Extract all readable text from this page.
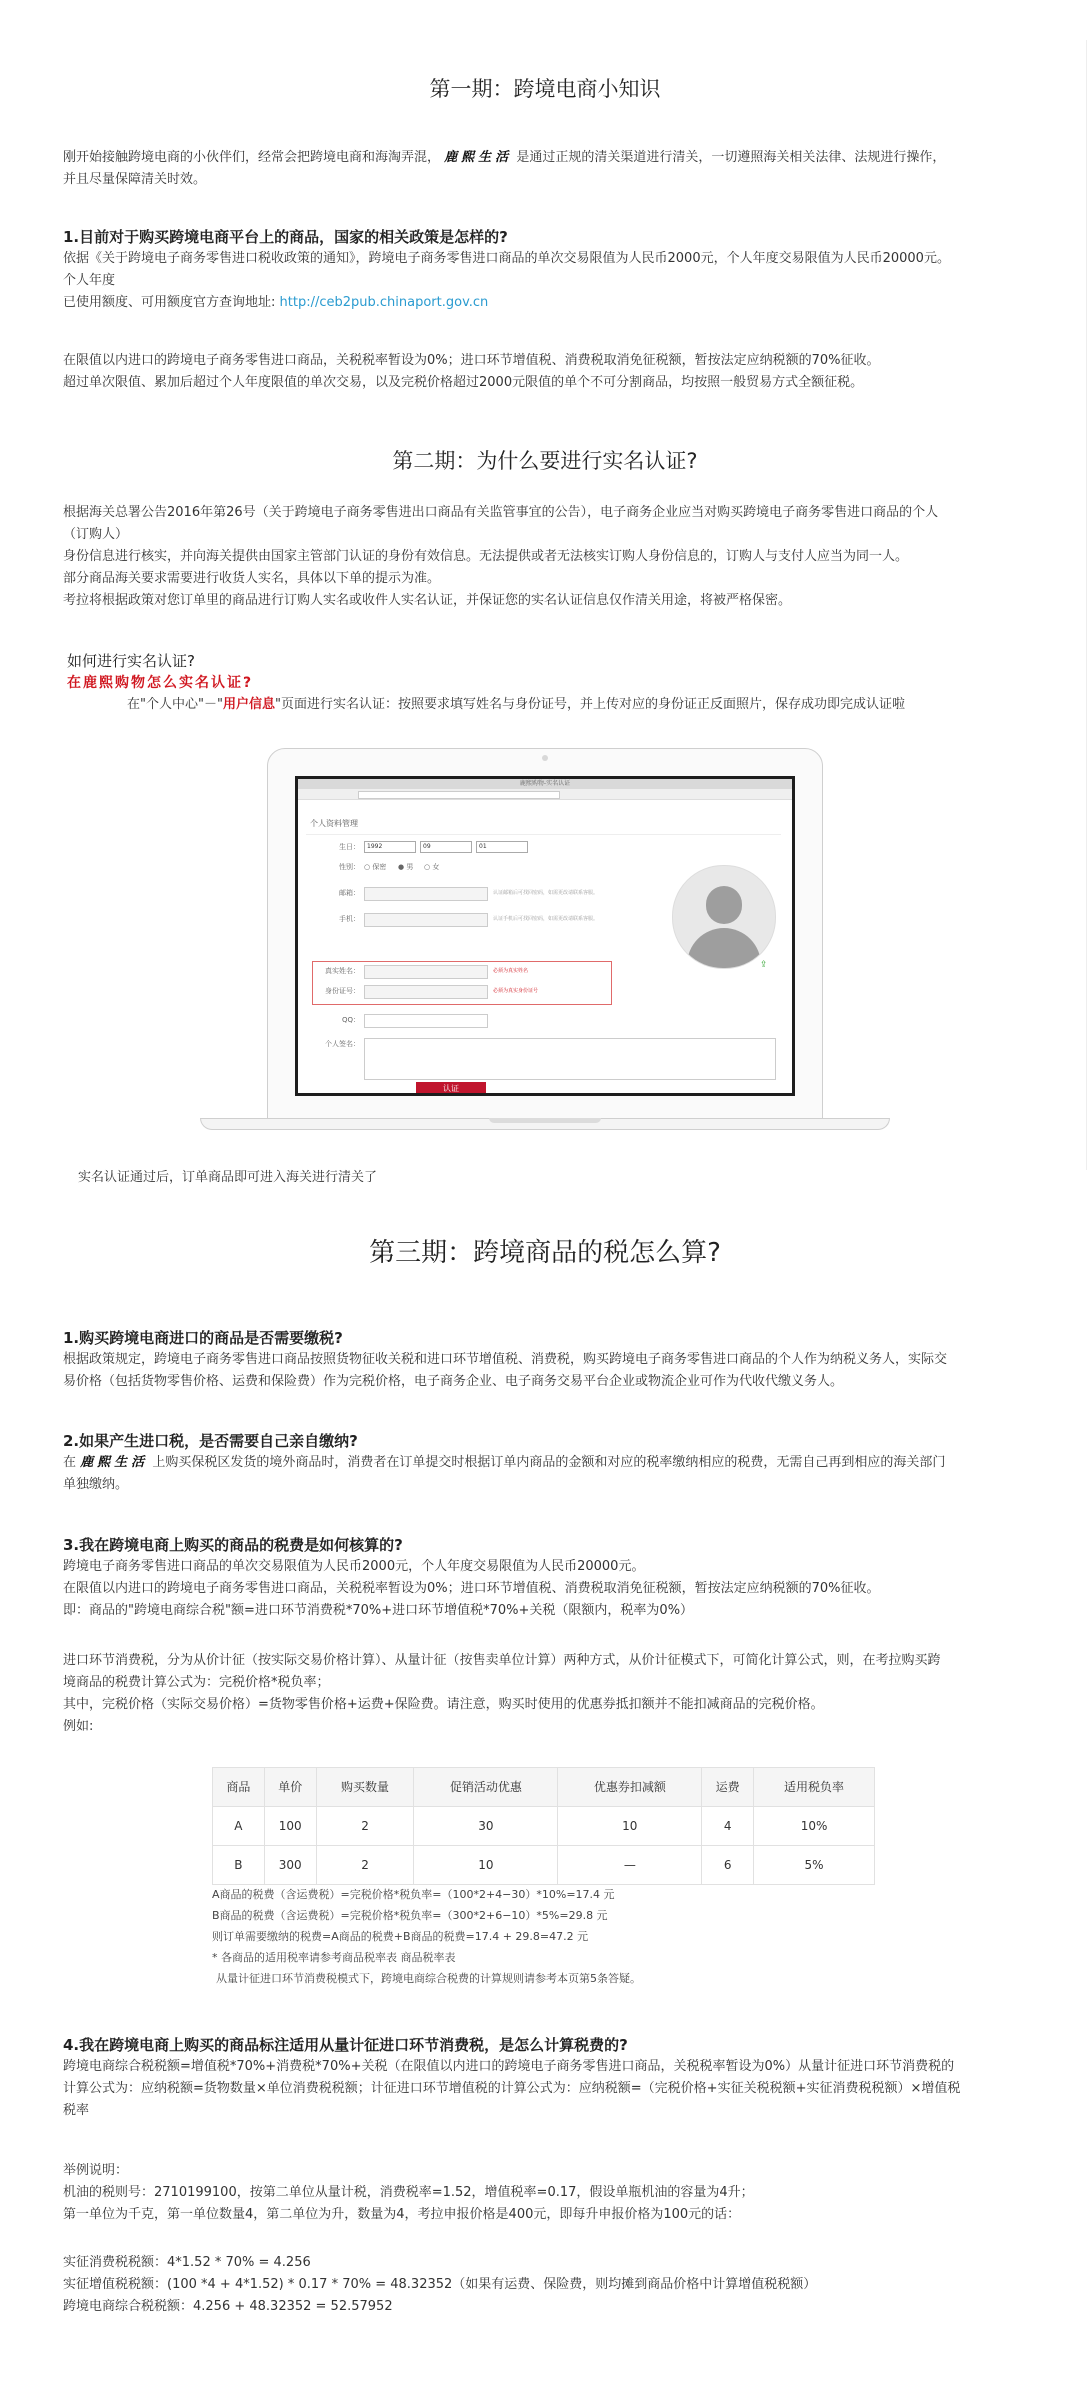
第一期：跨境电商小知识

刚开始接触跨境电商的小伙伴们，经常会把跨境电商和海淘弄混， 鹿熙生活 是通过正规的清关渠道进行清关，一切遵照海关相关法律、法规进行操作，

并且尽量保障清关时效。

1.目前对于购买跨境电商平台上的商品，国家的相关政策是怎样的?

依据《关于跨境电子商务零售进口税收政策的通知》，跨境电子商务零售进口商品的单次交易限值为人民币2000元，个人年度交易限值为人民币20000元。

个人年度

已使用额度、可用额度官方查询地址: http://ceb2pub.chinaport.gov.cn

在限值以内进口的跨境电子商务零售进口商品，关税税率暂设为0%；进口环节增值税、消费税取消免征税额，暂按法定应纳税额的70%征收。

超过单次限值、累加后超过个人年度限值的单次交易，以及完税价格超过2000元限值的单个不可分割商品，均按照一般贸易方式全额征税。

第二期：为什么要进行实名认证?

根据海关总署公告2016年第26号（关于跨境电子商务零售进出口商品有关监管事宜的公告），电子商务企业应当对购买跨境电子商务零售进口商品的个人

（订购人）

身份信息进行核实，并向海关提供由国家主管部门认证的身份有效信息。无法提供或者无法核实订购人身份信息的，订购人与支付人应当为同一人。

部分商品海关要求需要进行收货人实名，具体以下单的提示为准。

考拉将根据政策对您订单里的商品进行订购人实名或收件人实名认证，并保证您的实名认证信息仅作清关用途，将被严格保密。

如何进行实名认证?

在鹿熙购物怎么实名认证?

在"个人中心"－"用户信息"页面进行实名认证：按照要求填写姓名与身份证号，并上传对应的身份证正反面照片，保存成功即完成认证啦

鹿熙购物-实名认证
个人资料管理
生日：	1992	09	01
性别： ○ 保密 ● 男 ○ 女
邮箱：	认证邮箱后可找回密码，如需更改请联系客服。
手机：	认证手机后可找回密码，如需更改请联系客服。
真实姓名：	必须为真实姓名
身份证号：	必须为真实身份证号
QQ：
个人签名：
认证
⇪

实名认证通过后，订单商品即可进入海关进行清关了

第三期：跨境商品的税怎么算?

1.购买跨境电商进口的商品是否需要缴税?

根据政策规定，跨境电子商务零售进口商品按照货物征收关税和进口环节增值税、消费税，购买跨境电子商务零售进口商品的个人作为纳税义务人，实际交

易价格（包括货物零售价格、运费和保险费）作为完税价格，电子商务企业、电子商务交易平台企业或物流企业可作为代收代缴义务人。

2.如果产生进口税，是否需要自己亲自缴纳?

在 鹿熙生活 上购买保税区发货的境外商品时，消费者在订单提交时根据订单内商品的金额和对应的税率缴纳相应的税费，无需自己再到相应的海关部门

单独缴纳。

3.我在跨境电商上购买的商品的税费是如何核算的?

跨境电子商务零售进口商品的单次交易限值为人民币2000元，个人年度交易限值为人民币20000元。

在限值以内进口的跨境电子商务零售进口商品，关税税率暂设为0%；进口环节增值税、消费税取消免征税额，暂按法定应纳税额的70%征收。

即：商品的"跨境电商综合税"额=进口环节消费税*70%+进口环节增值税*70%+关税（限额内，税率为0%）

进口环节消费税，分为从价计征（按实际交易价格计算）、从量计征（按售卖单位计算）两种方式，从价计征模式下，可简化计算公式，则，在考拉购买跨

境商品的税费计算公式为：完税价格*税负率；

其中，完税价格（实际交易价格）=货物零售价格+运费+保险费。请注意，购买时使用的优惠券抵扣额并不能扣减商品的完税价格。

例如:

商品	单价	购买数量	促销活动优惠	优惠券扣减额	运费	适用税负率
A	100	2	30	10	4	10%
B	300	2	10	—	6	5%

A商品的税费（含运费税）=完税价格*税负率=（100*2+4−30）*10%=17.4 元

B商品的税费（含运费税）=完税价格*税负率=（300*2+6−10）*5%=29.8 元

则订单需要缴纳的税费=A商品的税费+B商品的税费=17.4 + 29.8=47.2 元

* 各商品的适用税率请参考商品税率表 商品税率表

从量计征进口环节消费税模式下，跨境电商综合税费的计算规则请参考本页第5条答疑。

4.我在跨境电商上购买的商品标注适用从量计征进口环节消费税，是怎么计算税费的?

跨境电商综合税税额=增值税*70%+消费税*70%+关税（在限值以内进口的跨境电子商务零售进口商品，关税税率暂设为0%）从量计征进口环节消费税的

计算公式为：应纳税额=货物数量×单位消费税税额；计征进口环节增值税的计算公式为：应纳税额=（完税价格+实征关税税额+实征消费税税额）×增值税

税率

举例说明：

机油的税则号：2710199100，按第二单位从量计税，消费税率=1.52，增值税率=0.17，假设单瓶机油的容量为4升；

第一单位为千克，第一单位数量4，第二单位为升，数量为4，考拉申报价格是400元，即每升申报价格为100元的话：

实征消费税税额：4*1.52 * 70% = 4.256

实征增值税税额：(100 *4 + 4*1.52) * 0.17 * 70% = 48.32352（如果有运费、保险费，则均摊到商品价格中计算增值税税额）

跨境电商综合税税额：4.256 + 48.32352 = 52.57952
